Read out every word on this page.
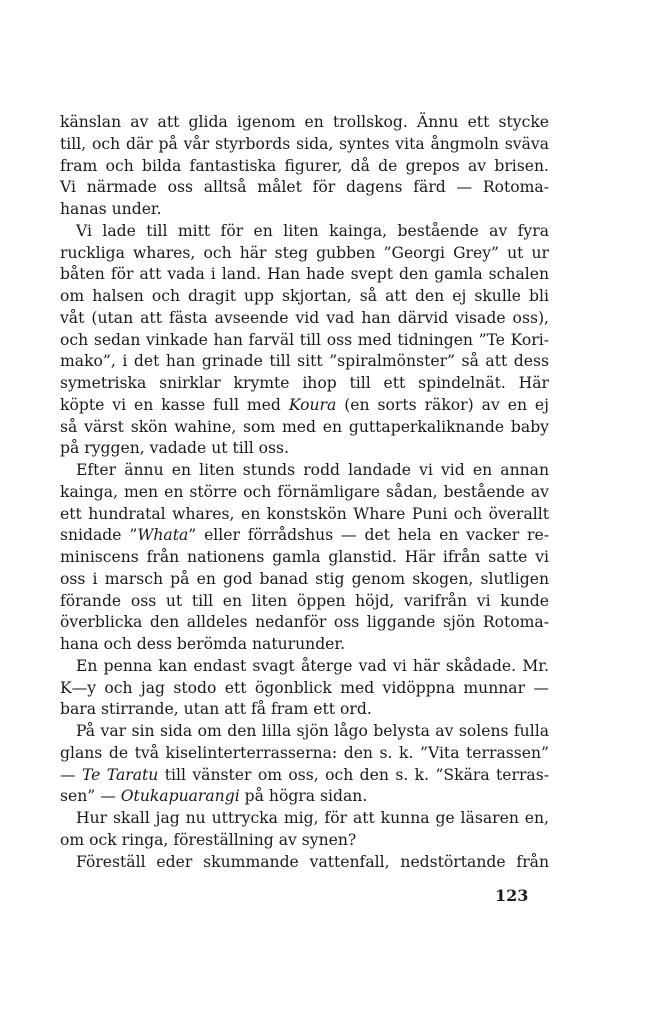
känslan av att glida igenom en trollskog. Ännu ett stycke
till, och där på vår styrbords sida, syntes vita ångmoln sväva
fram och bilda fantastiska figurer, då de grepos av brisen.
Vi närmade oss alltså målet för dagens färd — Rotoma-
hanas under.
Vi lade till mitt för en liten kainga, bestående av fyra
ruckliga whares, och här steg gubben ”Georgi Grey” ut ur
båten för att vada i land. Han hade svept den gamla schalen
om halsen och dragit upp skjortan, så att den ej skulle bli
våt (utan att fästa avseende vid vad han därvid visade oss),
och sedan vinkade han farväl till oss med tidningen ”Te Kori-
mako”, i det han grinade till sitt ”spiralmönster” så att dess
symetriska snirklar krymte ihop till ett spindelnät. Här
köpte vi en kasse full med Koura (en sorts räkor) av en ej
så värst skön wahine, som med en guttaperkaliknande baby
på ryggen, vadade ut till oss.
Efter ännu en liten stunds rodd landade vi vid en annan
kainga, men en större och förnämligare sådan, bestående av
ett hundratal whares, en konstskön Whare Puni och överallt
snidade ”Whata” eller förrådshus — det hela en vacker re-
miniscens från nationens gamla glanstid. Här ifrån satte vi
oss i marsch på en god banad stig genom skogen, slutligen
förande oss ut till en liten öppen höjd, varifrån vi kunde
överblicka den alldeles nedanför oss liggande sjön Rotoma-
hana och dess berömda naturunder.
En penna kan endast svagt återge vad vi här skådade. Mr.
K—y och jag stodo ett ögonblick med vidöppna munnar —
bara stirrande, utan att få fram ett ord.
På var sin sida om den lilla sjön lågo belysta av solens fulla
glans de två kiselinterterrasserna: den s. k. ”Vita terrassen”
— Te Taratu till vänster om oss, och den s. k. ”Skära terras-
sen” — Otukapuarangi på högra sidan.
Hur skall jag nu uttrycka mig, för att kunna ge läsaren en,
om ock ringa, föreställning av synen?
Föreställ eder skummande vattenfall, nedstörtande från
123
